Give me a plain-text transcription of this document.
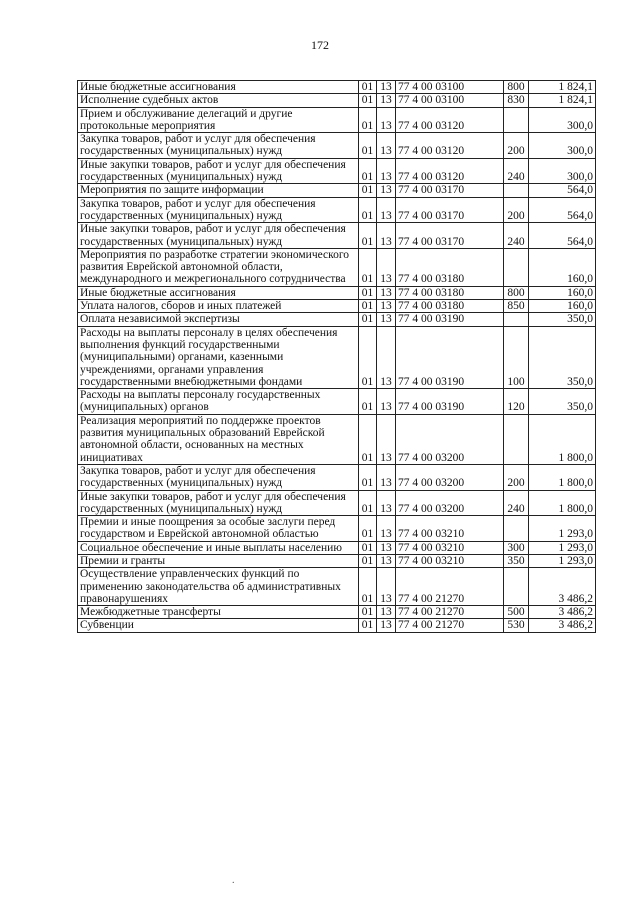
172
Иные бюджетные ассигнования	01	13	77 4 00 03100	800	1 824,1

Исполнение судебных актов	01	13	77 4 00 03100	830	1 824,1

Прием и обслуживание делегаций и другие протокольные мероприятия	01	13	77 4 00 03120		300,0

Закупка товаров, работ и услуг для обеспечения государственных (муниципальных) нужд	01	13	77 4 00 03120	200	300,0

Иные закупки товаров, работ и услуг для обеспечения государственных (муниципальных) нужд	01	13	77 4 00 03120	240	300,0

Мероприятия по защите информации	01	13	77 4 00 03170		564,0

Закупка товаров, работ и услуг для обеспечения государственных (муниципальных) нужд	01	13	77 4 00 03170	200	564,0

Иные закупки товаров, работ и услуг для обеспечения государственных (муниципальных) нужд	01	13	77 4 00 03170	240	564,0

Мероприятия по разработке стратегии экономического развития Еврейской автономной области, международного и межрегионального сотрудничества	01	13	77 4 00 03180		160,0

Иные бюджетные ассигнования	01	13	77 4 00 03180	800	160,0

Уплата налогов, сборов и иных платежей	01	13	77 4 00 03180	850	160,0

Оплата независимой экспертизы	01	13	77 4 00 03190		350,0

Расходы на выплаты персоналу в целях обеспечения выполнения функций государственными (муниципальными) органами, казенными учреждениями, органами управления государственными внебюджетными фондами	01	13	77 4 00 03190	100	350,0

Расходы на выплаты персоналу государственных (муниципальных) органов	01	13	77 4 00 03190	120	350,0

Реализация мероприятий по поддержке проектов развития муниципальных образований Еврейской автономной области, основанных на местных инициативах	01	13	77 4 00 03200		1 800,0

Закупка товаров, работ и услуг для обеспечения государственных (муниципальных) нужд	01	13	77 4 00 03200	200	1 800,0

Иные закупки товаров, работ и услуг для обеспечения государственных (муниципальных) нужд	01	13	77 4 00 03200	240	1 800,0

Премии и иные поощрения за особые заслуги перед государством и Еврейской автономной областью	01	13	77 4 00 03210		1 293,0

Социальное обеспечение и иные выплаты населению	01	13	77 4 00 03210	300	1 293,0

Премии и гранты	01	13	77 4 00 03210	350	1 293,0

Осуществление управленческих функций по применению законодательства об административных правонарушениях	01	13	77 4 00 21270		3 486,2

Межбюджетные трансферты	01	13	77 4 00 21270	500	3 486,2

Субвенции	01	13	77 4 00 21270	530	3 486,2
.
